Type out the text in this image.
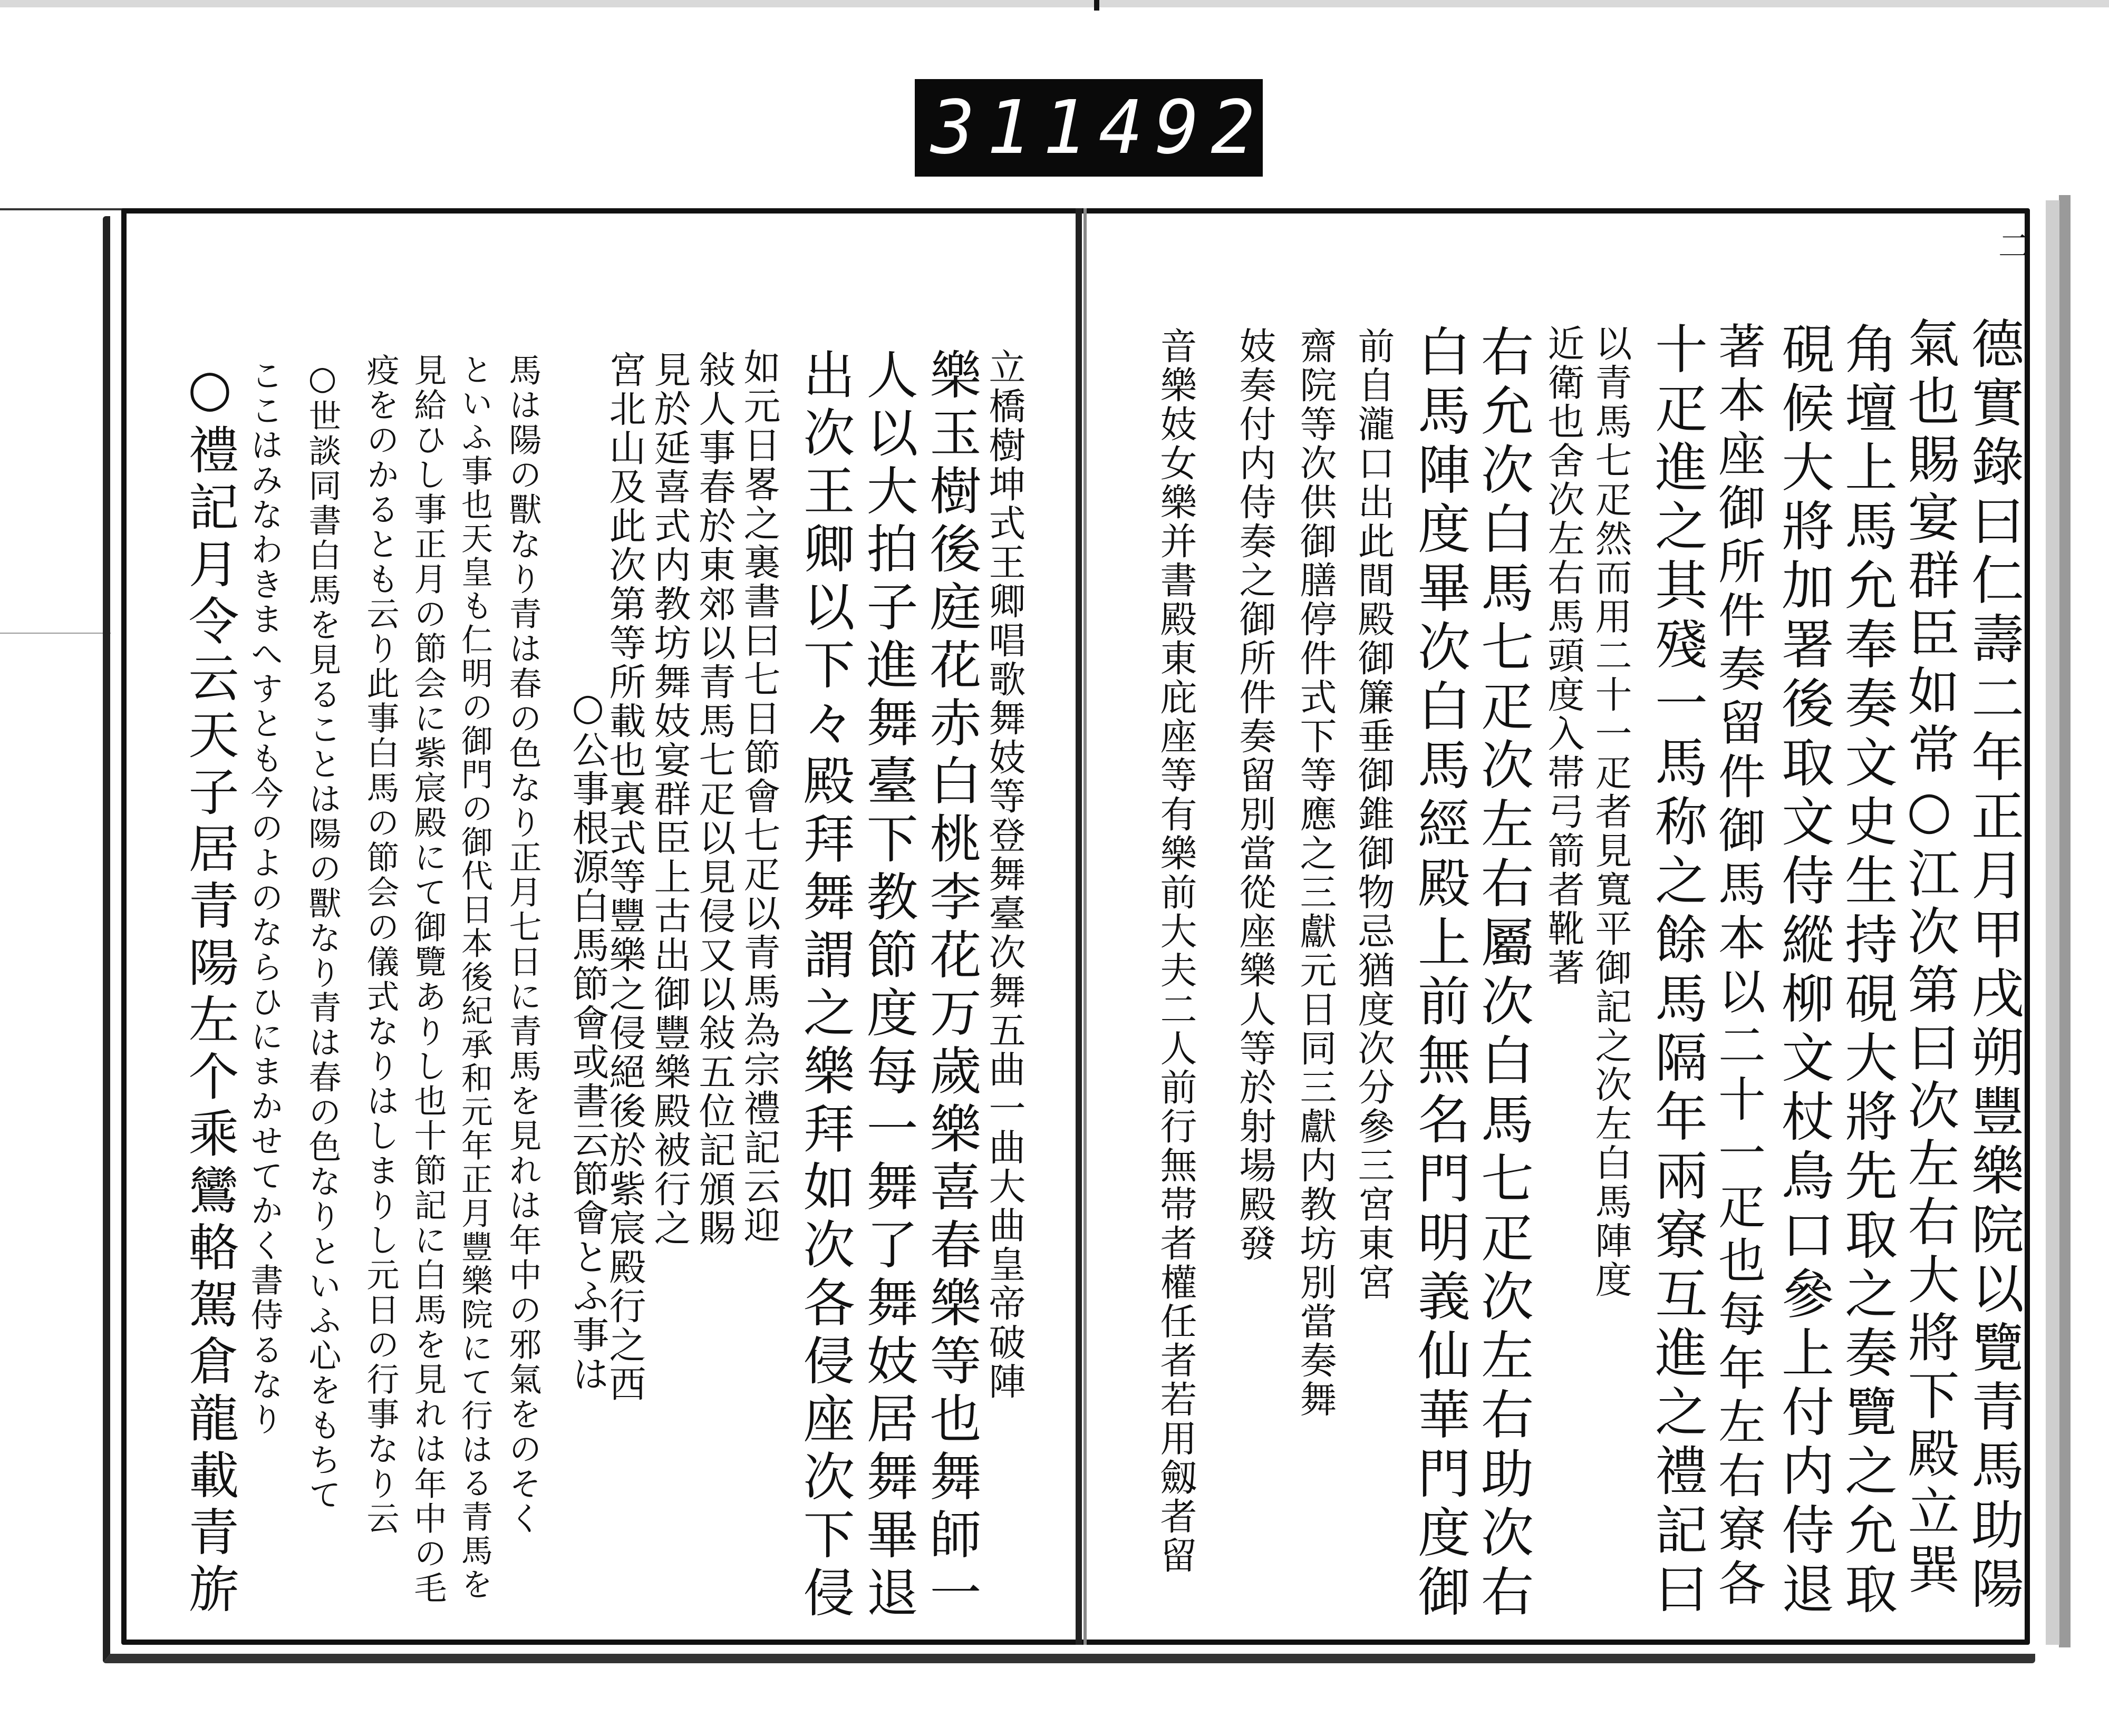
311 492.
二
德實錄曰仁壽二年正月甲戌朔豐樂院以覽青馬助陽
氣也賜宴群臣如常○江次第曰次左右大將下殿立巽
角壇上馬允奉奏文史生持硯大將先取之奏覽之允取
硯候大將加署後取文侍縱柳文杖鳥口參上付内侍退
著本座御所件奏留件御馬本以二十一疋也每年左右寮各
十疋進之其殘一馬称之餘馬隔年兩寮互進之禮記曰
以青馬七疋然而用二十一疋者見寬平御記之次左白馬陣度
近衛也舍次左右馬頭度入帯弓箭者靴著
右允次白馬七疋次左右屬次白馬七疋次左右助次右
白馬陣度畢次白馬經殿上前無名門明義仙華門度御
前自瀧口出此間殿御簾垂御錐御物忌猶度次分參三宮東宮
齋院等次供御膳停件式下等應之三獻元日同三獻内教坊別當奏舞
妓奏付内侍奏之御所件奏留別當從座樂人等於射場殿發
音樂妓女樂并書殿東庇座等有樂前大夫二人前行無帯者權任者若用劔者留
立橋樹坤式王卿唱歌舞妓等登舞臺次舞五曲一曲大曲皇帝破陣
樂玉樹後庭花赤白桃李花万歲樂喜春樂等也舞師一
人以大拍子進舞臺下教節度每一舞了舞妓居舞畢退
出次王卿以下々殿拜舞謂之樂拜如次各侵座次下侵
如元日畧之裏書曰七日節會七疋以青馬為宗禮記云迎
敍人事春於東郊以青馬七疋以見侵又以敍五位記頒賜
見於延喜式内教坊舞妓宴群臣上古出御豐樂殿被行之
宮北山及此次第等所載也裏式等豐樂之侵絕後於紫宸殿行之西
○公事根源白馬節會或書云節會とふ事は
馬は陽の獸なり青は春の色なり正月七日に青馬を見れは年中の邪氣をのそく
といふ事也天皇も仁明の御門の御代日本後紀承和元年正月豐樂院にて行はる青馬を
見給ひし事正月の節会に紫宸殿にて御覽ありし也十節記に白馬を見れは年中の毛
疫をのかるとも云り此事白馬の節会の儀式なりはしまりし元日の行事なり云
○世談同書白馬を見ることは陽の獸なり青は春の色なりといふ心をもちて
ここはみなわきまへすとも今のよのならひにまかせてかく書侍るなり
○禮記月令云天子居青陽左个乘鸞輅駕倉龍載青旂
